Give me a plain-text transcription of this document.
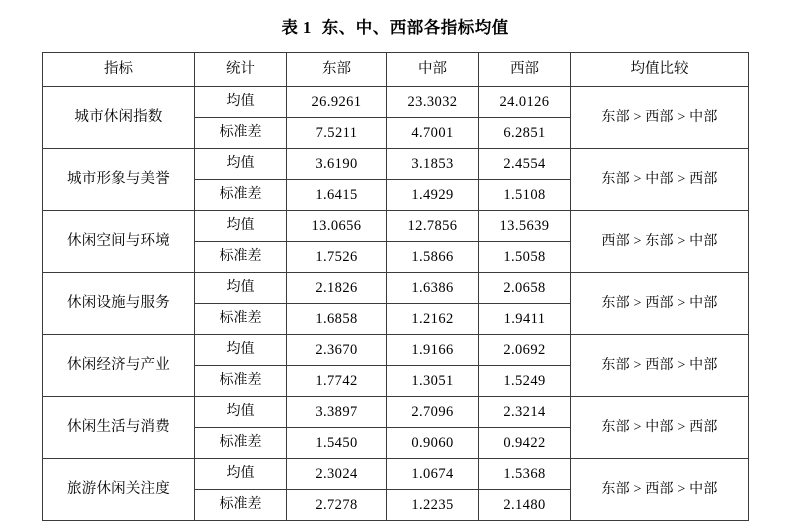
表 1 东、中、西部各指标均值
指标	统计	东部	中部	西部	均值比较
城市休闲指数	均值	26.9261	23.3032	24.0126	东部 > 西部 > 中部
	标准差	7.5211	4.7001	6.2851	
城市形象与美誉	均值	3.6190	3.1853	2.4554	东部 > 中部 > 西部
	标准差	1.6415	1.4929	1.5108	
休闲空间与环境	均值	13.0656	12.7856	13.5639	西部 > 东部 > 中部
	标准差	1.7526	1.5866	1.5058	
休闲设施与服务	均值	2.1826	1.6386	2.0658	东部 > 西部 > 中部
	标准差	1.6858	1.2162	1.9411	
休闲经济与产业	均值	2.3670	1.9166	2.0692	东部 > 西部 > 中部
	标准差	1.7742	1.3051	1.5249	
休闲生活与消费	均值	3.3897	2.7096	2.3214	东部 > 中部 > 西部
	标准差	1.5450	0.9060	0.9422	
旅游休闲关注度	均值	2.3024	1.0674	1.5368	东部 > 西部 > 中部
	标准差	2.7278	1.2235	2.1480	
